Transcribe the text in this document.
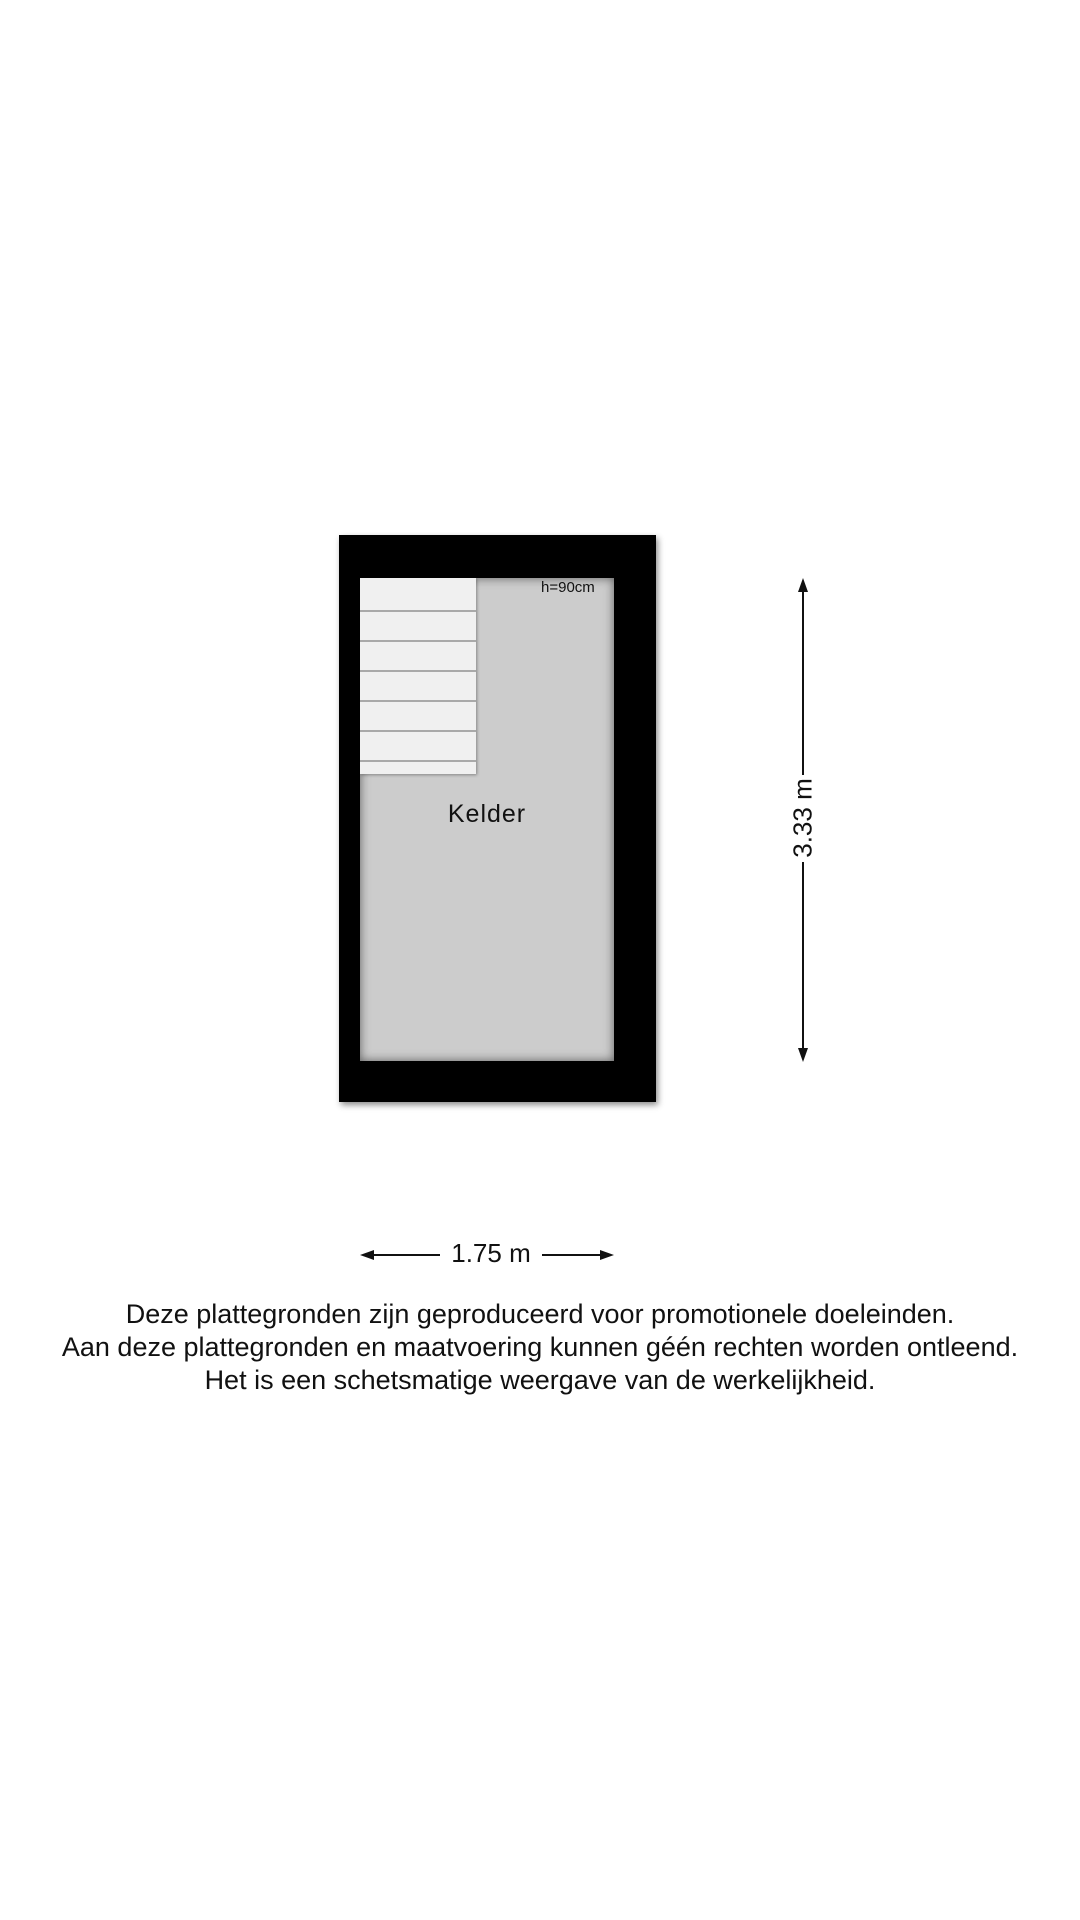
h=90cm
Kelder	3.33 m
1.75 m
Deze plattegronden zijn geproduceerd voor promotionele doeleinden.
Aan deze plattegronden en maatvoering kunnen géén rechten worden ontleend.
Het is een schetsmatige weergave van de werkelijkheid.
